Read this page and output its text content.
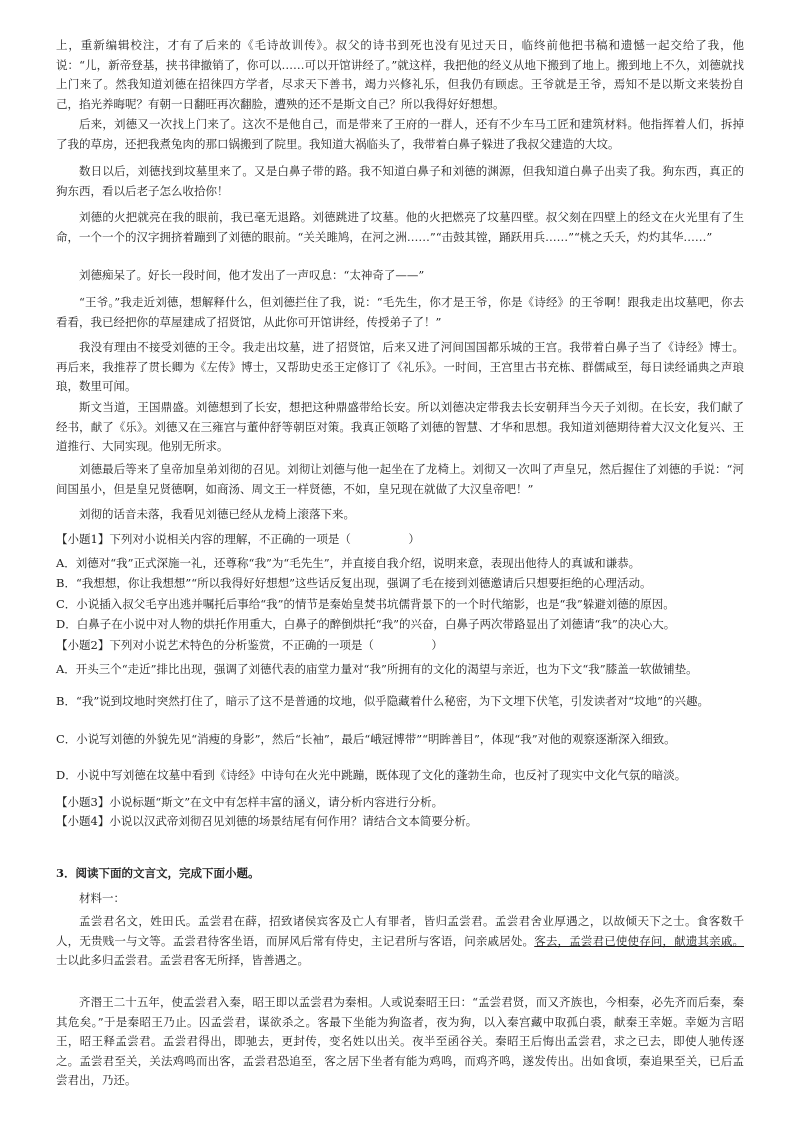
上，重新编辑校注，才有了后来的《毛诗故训传》。叔父的诗书到死也没有见过天日，临终前他把书稿和遗憾一起交给了我，他说：“儿，新帝登基，挟书律撤销了，你可以……可以开馆讲经了。”就这样，我把他的经义从地下搬到了地上。搬到地上不久，刘德就找上门来了。然我知道刘德在招徕四方学者，尽求天下善书，竭力兴修礼乐，但我仍有顾虑。王爷就是王爷，焉知不是以斯文来装扮自己，掐光养晦呢？有朝一日翻旺再次翻脸，遭殃的还不是斯文自己？所以我得好好想想。

后来，刘德又一次找上门来了。这次不是他自己，而是带来了王府的一群人，还有不少车马工匠和建筑材料。他指挥着人们，拆掉了我的草房，还把我煮兔肉的那口锅搬到了院里。我知道大祸临头了，我带着白鼻子躲进了我叔父建造的大坟。

数日以后，刘德找到坟墓里来了。又是白鼻子带的路。我不知道白鼻子和刘德的渊源，但我知道白鼻子出卖了我。狗东西，真正的狗东西，看以后老子怎么收拾你！

刘德的火把就亮在我的眼前，我已毫无退路。刘德跳进了坟墓。他的火把燃亮了坟墓四壁。叔父刻在四壁上的经文在火光里有了生命，一个一个的汉字拥挤着蹦到了刘德的眼前。“关关雎鸠，在河之洲……”“击鼓其镗，踊跃用兵……”“桃之夭夭，灼灼其华……”

刘德痴呆了。好长一段时间，他才发出了一声叹息：“太神奇了——”

“王爷。”我走近刘德，想解释什么，但刘德拦住了我，说：“毛先生，你才是王爷，你是《诗经》的王爷啊！跟我走出坟墓吧，你去看看，我已经把你的草屋建成了招贤馆，从此你可开馆讲经，传授弟子了！”

我没有理由不接受刘德的王令。我走出坟墓，进了招贤馆，后来又进了河间国国都乐城的王宫。我带着白鼻子当了《诗经》博士。再后来，我推荐了贯长卿为《左传》博士，又帮助史丞王定修订了《礼乐》。一时间，王宫里古书充栋、群儒咸至，每日读经诵典之声琅琅，数里可闻。

斯文当道，王国鼎盛。刘德想到了长安，想把这种鼎盛带给长安。所以刘德决定带我去长安朝拜当今天子刘彻。在长安，我们献了经书，献了《乐》。刘德又在三雍宫与董仲舒等朝臣对策。我真正领略了刘德的智慧、才华和思想。我知道刘德期待着大汉文化复兴、王道推行、大同实现。他别无所求。

刘德最后等来了皇帝加皇弟刘彻的召见。刘彻让刘德与他一起坐在了龙椅上。刘彻又一次叫了声皇兄，然后握住了刘德的手说：“河间国虽小，但是皇兄贤德啊，如商汤、周文王一样贤德，不如，皇兄现在就做了大汉皇帝吧！”

刘彻的话音未落，我看见刘德已经从龙椅上滚落下来。

【小题1】下列对小说相关内容的理解，不正确的一项是（　　　　　）

A．刘德对“我”正式深施一礼，还尊称“我”为“毛先生”，并直接自我介绍，说明来意，表现出他待人的真诚和谦恭。

B．“我想想，你让我想想”“所以我得好好想想”这些话反复出现，强调了毛在接到刘德邀请后只想要拒绝的心理活动。

C．小说插入叔父毛亨出逃并嘱托后事给“我”的情节是秦始皇焚书坑儒背景下的一个时代缩影，也是“我”躲避刘德的原因。

D．白鼻子在小说中对人物的烘托作用重大，白鼻子的醉倒烘托“我”的兴奋，白鼻子两次带路显出了刘德请“我”的决心大。

【小题2】下列对小说艺术特色的分析鉴赏，不正确的一项是（　　　　　）

A．开头三个“走近”排比出现，强调了刘德代表的庙堂力量对“我”所拥有的文化的渴望与亲近，也为下文“我”膝盖一软做铺垫。

B．“我”说到坟地时突然打住了，暗示了这不是普通的坟地，似乎隐藏着什么秘密，为下文埋下伏笔，引发读者对“坟地”的兴趣。

C．小说写刘德的外貌先见“消瘦的身影”，然后“长袖”，最后“峨冠博带”“明眸善目”，体现“我”对他的观察逐渐深入细致。

D．小说中写刘德在坟墓中看到《诗经》中诗句在火光中跳蹦，既体现了文化的蓬勃生命，也反衬了现实中文化气氛的暗淡。

【小题3】小说标题“斯文”在文中有怎样丰富的涵义，请分析内容进行分析。

【小题4】小说以汉武帝刘彻召见刘德的场景结尾有何作用？请结合文本简要分析。

3．阅读下面的文言文，完成下面小题。

材料一：

孟尝君名文，姓田氏。孟尝君在薛，招致诸侯宾客及亡人有罪者，皆归孟尝君。孟尝君舍业厚遇之，以故倾天下之士。食客数千人，无贵贱一与文等。孟尝君待客坐语，而屏风后常有侍史，主记君所与客语，问亲戚居处。客去，孟尝君已使使存问，献遗其亲戚。士以此多归孟尝君。孟尝君客无所择，皆善遇之。

齐湣王二十五年，使孟尝君入秦，昭王即以孟尝君为秦相。人或说秦昭王曰：“孟尝君贤，而又齐族也，今相秦，必先齐而后秦，秦其危矣。”于是秦昭王乃止。囚孟尝君，谋欲杀之。客最下坐能为狗盗者，夜为狗，以入秦宫藏中取孤白裘，献秦王幸姬。幸姬为言昭王，昭王释孟尝君。孟尝君得出，即驰去，更封传，变名姓以出关。夜半至函谷关。秦昭王后悔出孟尝君，求之已去，即使人驰传逐之。孟尝君至关，关法鸡鸣而出客，孟尝君恐追至，客之居下坐者有能为鸡鸣，而鸡齐鸣，遂发传出。出如食顷，秦追果至关，已后孟尝君出，乃还。
